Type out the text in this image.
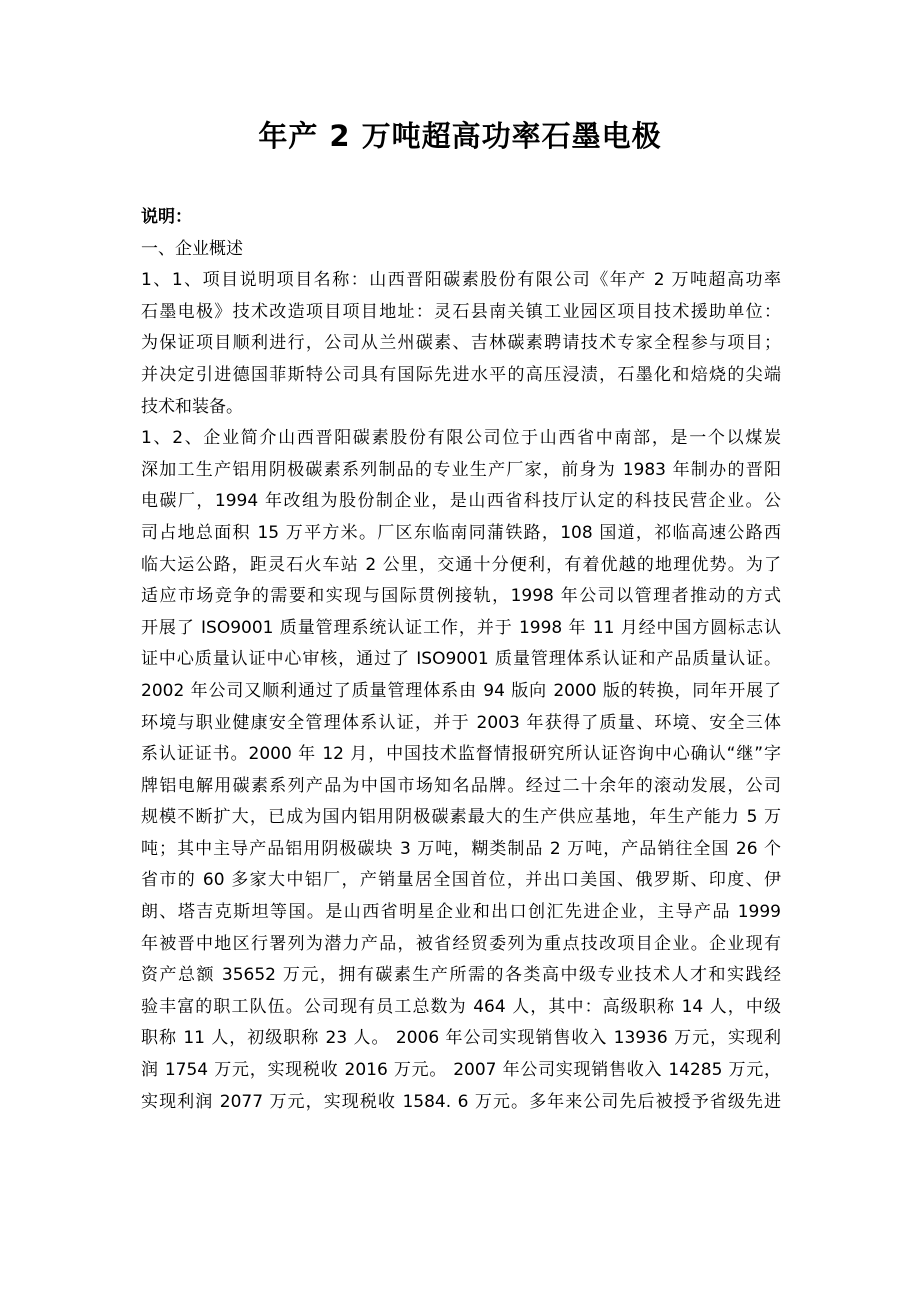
年产 2 万吨超高功率石墨电极
说明：
一、企业概述
1、1、项目说明项目名称：山西晋阳碳素股份有限公司《年产 2 万吨超高功率
石墨电极》技术改造项目项目地址：灵石县南关镇工业园区项目技术援助单位：
为保证项目顺利进行，公司从兰州碳素、吉林碳素聘请技术专家全程参与项目；
并决定引进德国菲斯特公司具有国际先进水平的高压浸渍，石墨化和焙烧的尖端
技术和装备。
1、2、企业简介山西晋阳碳素股份有限公司位于山西省中南部，是一个以煤炭
深加工生产铝用阴极碳素系列制品的专业生产厂家，前身为 1983 年制办的晋阳
电碳厂，1994 年改组为股份制企业，是山西省科技厅认定的科技民营企业。公
司占地总面积 15 万平方米。厂区东临南同蒲铁路，108 国道，祁临高速公路西
临大运公路，距灵石火车站 2 公里，交通十分便利，有着优越的地理优势。为了
适应市场竞争的需要和实现与国际贯例接轨，1998 年公司以管理者推动的方式
开展了 ISO9001 质量管理系统认证工作，并于 1998 年 11 月经中国方圆标志认
证中心质量认证中心审核，通过了 ISO9001 质量管理体系认证和产品质量认证。
2002 年公司又顺利通过了质量管理体系由 94 版向 2000 版的转换，同年开展了
环境与职业健康安全管理体系认证，并于 2003 年获得了质量、环境、安全三体
系认证证书。2000 年 12 月，中国技术监督情报研究所认证咨询中心确认“继”字
牌铝电解用碳素系列产品为中国市场知名品牌。经过二十余年的滚动发展，公司
规模不断扩大，已成为国内铝用阴极碳素最大的生产供应基地，年生产能力 5 万
吨；其中主导产品铝用阴极碳块 3 万吨，糊类制品 2 万吨，产品销往全国 26 个
省市的 60 多家大中铝厂，产销量居全国首位，并出口美国、俄罗斯、印度、伊
朗、塔吉克斯坦等国。是山西省明星企业和出口创汇先进企业，主导产品 1999
年被晋中地区行署列为潜力产品，被省经贸委列为重点技改项目企业。企业现有
资产总额 35652 万元，拥有碳素生产所需的各类高中级专业技术人才和实践经
验丰富的职工队伍。公司现有员工总数为 464 人，其中：高级职称 14 人，中级
职称 11 人，初级职称 23 人。 2006 年公司实现销售收入 13936 万元，实现利
润 1754 万元，实现税收 2016 万元。 2007 年公司实现销售收入 14285 万元，
实现利润 2077 万元，实现税收 1584. 6 万元。多年来公司先后被授予省级先进
